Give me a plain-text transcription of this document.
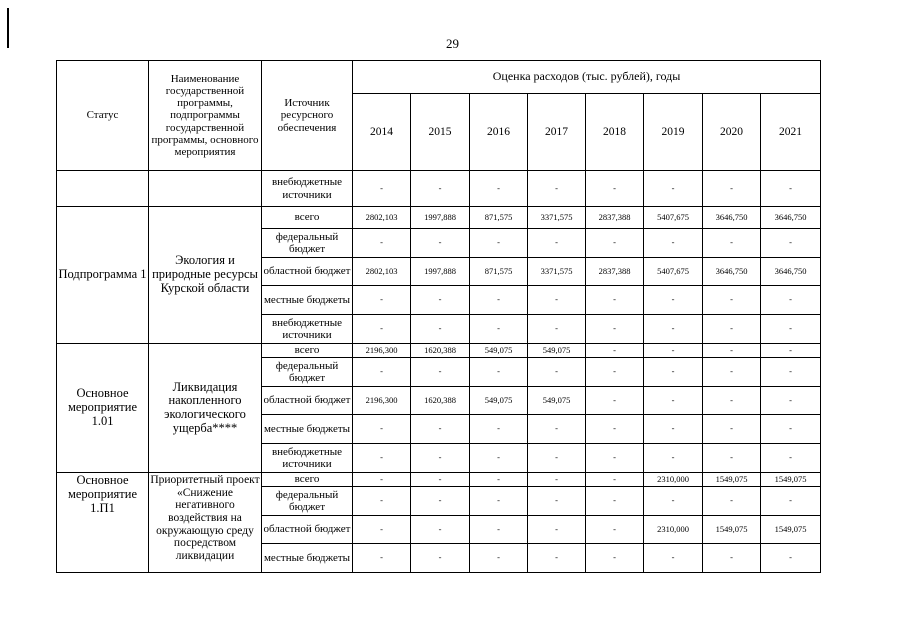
29
Статус	Наименование государственной программы, подпрограммы государственной программы, основного мероприятия	Источник ресурсного обеспечения	Оценка расходов (тыс. рублей), годы							
			2014	2015	2016	2017	2018	2019	2020	2021
		внебюджетные источники	-	-	-	-	-	-	-	-
Подпрограмма 1	Экология и природные ресурсы Курской области	всего	2802,103	1997,888	871,575	3371,575	2837,388	5407,675	3646,750	3646,750
		федеральный бюджет	-	-	-	-	-	-	-	-
		областной бюджет	2802,103	1997,888	871,575	3371,575	2837,388	5407,675	3646,750	3646,750
		местные бюджеты	-	-	-	-	-	-	-	-
		внебюджетные источники	-	-	-	-	-	-	-	-
Основное мероприятие 1.01	Ликвидация накопленного экологического ущерба****	всего	2196,300	1620,388	549,075	549,075	-	-	-	-
		федеральный бюджет	-	-	-	-	-	-	-	-
		областной бюджет	2196,300	1620,388	549,075	549,075	-	-	-	-
		местные бюджеты	-	-	-	-	-	-	-	-
		внебюджетные источники	-	-	-	-	-	-	-	-
Основное мероприятие 1.П1	Приоритетный проект «Снижение негативного воздействия на окружающую среду посредством ликвидации	всего	-	-	-	-	-	2310,000	1549,075	1549,075
		федеральный бюджет	-	-	-	-	-	-	-	-
		областной бюджет	-	-	-	-	-	2310,000	1549,075	1549,075
		местные бюджеты	-	-	-	-	-	-	-	-
